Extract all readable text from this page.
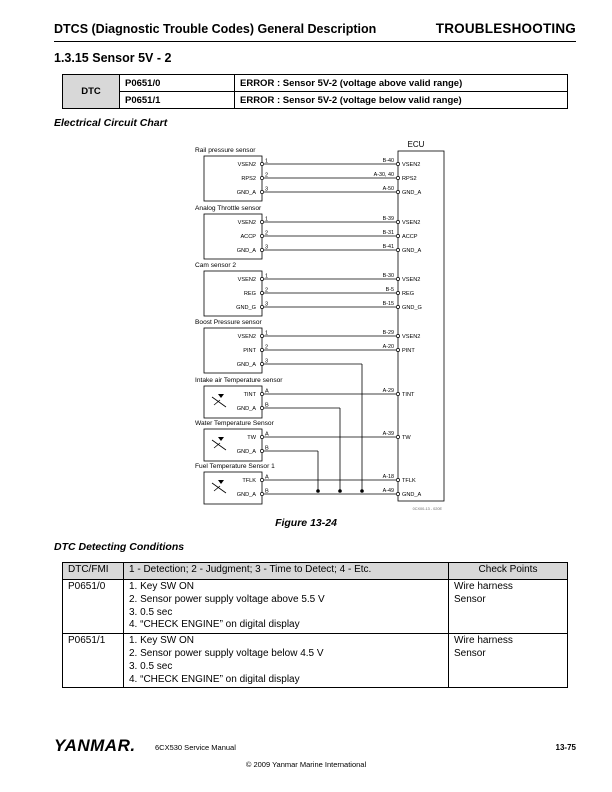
DTCS (Diagnostic Trouble Codes) General Description	TROUBLESHOOTING
1.3.15 Sensor 5V - 2
DTC	P0651/0	ERROR : Sensor 5V-2 (voltage above valid range)
	P0651/1	ERROR : Sensor 5V-2 (voltage below valid range)
Electrical Circuit Chart
ECU
Rail pressure sensor
VSEN2
1	B-40
VSEN2
RPS2
2	A-30, 40
RPS2
GND_A
3	A-50
GND_A
Analog Throttle sensor
VSEN2
1	B-39
VSEN2
ACCP
2	B-31
ACCP
GND_A
3	B-41
GND_A
Cam sensor 2
VSEN2
1	B-30
VSEN2
REG
2	B-5
REG
GND_G
3	B-15
GND_G
Boost Pressure sensor
VSEN2
1	B-29
VSEN2
PINT
2	A-20
PINT
GND_A
3
Intake air Temperature sensor
TINT
A	A-29
TINT
GND_A
B
Water Temperature Sensor
TW
A	A-39
TW
GND_A
B
Fuel Temperature Sensor 1
TFLK
A	A-18
TFLK
GND_A
B	A-49
GND_A
0CX00-13 - 020E
Figure 13-24
DTC Detecting Conditions
DTC/FMI	1 - Detection; 2 - Judgment; 3 - Time to Detect; 4 - Etc.	Check Points
P0651/0	1. Key SW ON
2. Sensor power supply voltage above 5.5 V
3. 0.5 sec
4. “CHECK ENGINE” on digital display	Wire harness
Sensor

P0651/1	1. Key SW ON
2. Sensor power supply voltage below 4.5 V
3. 0.5 sec
4. “CHECK ENGINE” on digital display	Wire harness
Sensor
YANMAR.	6CX530 Service Manual	13-75
© 2009 Yanmar Marine International
